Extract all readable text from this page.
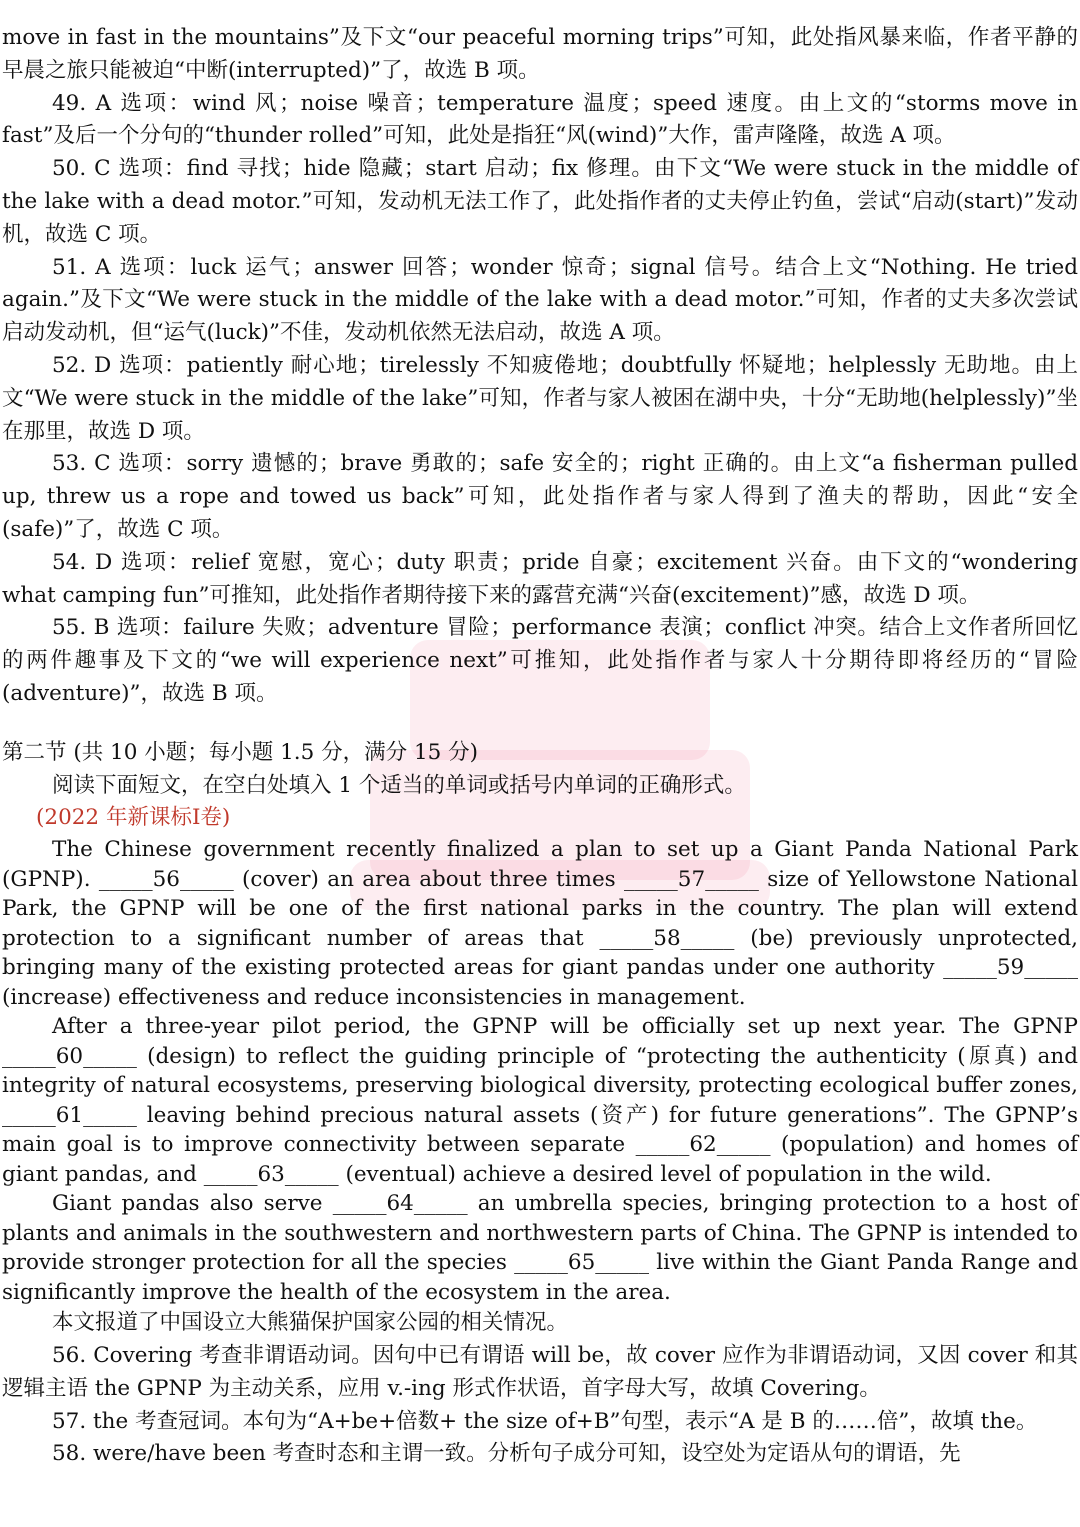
move in fast in the mountains”及下文“our peaceful morning trips”可知，此处指风暴来临，作者平静的早晨之旅只能被迫“中断(interrupted)”了，故选 B 项。

49. A 选项：wind 风；noise 噪音；temperature 温度；speed 速度。由上文的“storms move in fast”及后一个分句的“thunder rolled”可知，此处是指狂“风(wind)”大作，雷声隆隆，故选 A 项。

50. C 选项：find 寻找；hide 隐藏；start 启动；fix 修理。由下文“We were stuck in the middle of the lake with a dead motor.”可知，发动机无法工作了，此处指作者的丈夫停止钓鱼，尝试“启动(start)”发动机，故选 C 项。

51. A 选项：luck 运气；answer 回答；wonder 惊奇；signal 信号。结合上文“Nothing. He tried again.”及下文“We were stuck in the middle of the lake with a dead motor.”可知，作者的丈夫多次尝试启动发动机，但“运气(luck)”不佳，发动机依然无法启动，故选 A 项。

52. D 选项：patiently 耐心地；tirelessly 不知疲倦地；doubtfully 怀疑地；helplessly 无助地。由上文“We were stuck in the middle of the lake”可知，作者与家人被困在湖中央，十分“无助地(helplessly)”坐在那里，故选 D 项。

53. C 选项：sorry 遗憾的；brave 勇敢的；safe 安全的；right 正确的。由上文“a fisherman pulled up, threw us a rope and towed us back”可知，此处指作者与家人得到了渔夫的帮助，因此“安全(safe)”了，故选 C 项。

54. D 选项：relief 宽慰，宽心；duty 职责；pride 自豪；excitement 兴奋。由下文的“wondering what camping fun”可推知，此处指作者期待接下来的露营充满“兴奋(excitement)”感，故选 D 项。

55. B 选项：failure 失败；adventure 冒险；performance 表演；conflict 冲突。结合上文作者所回忆的两件趣事及下文的“we will experience next”可推知，此处指作者与家人十分期待即将经历的“冒险(adventure)”，故选 B 项。

第二节 (共 10 小题；每小题 1.5 分，满分 15 分)

阅读下面短文，在空白处填入 1 个适当的单词或括号内单词的正确形式。

(2022 年新课标I卷)

The Chinese government recently finalized a plan to set up a Giant Panda National Park (GPNP). _____56_____ (cover) an area about three times _____57_____ size of Yellowstone National Park, the GPNP will be one of the first national parks in the country. The plan will extend protection to a significant number of areas that _____58_____ (be) previously unprotected, bringing many of the existing protected areas for giant pandas under one authority _____59_____ (increase) effectiveness and reduce inconsistencies in management.

After a three-year pilot period, the GPNP will be officially set up next year. The GPNP _____60_____ (design) to reflect the guiding principle of “protecting the authenticity (原真) and integrity of natural ecosystems, preserving biological diversity, protecting ecological buffer zones, _____61_____ leaving behind precious natural assets (资产) for future generations”. The GPNP’s main goal is to improve connectivity between separate _____62_____ (population) and homes of giant pandas, and _____63_____ (eventual) achieve a desired level of population in the wild.

Giant pandas also serve _____64_____ an umbrella species, bringing protection to a host of plants and animals in the southwestern and northwestern parts of China. The GPNP is intended to provide stronger protection for all the species _____65_____ live within the Giant Panda Range and significantly improve the health of the ecosystem in the area.

本文报道了中国设立大熊猫保护国家公园的相关情况。

56. Covering 考查非谓语动词。因句中已有谓语 will be，故 cover 应作为非谓语动词，又因 cover 和其逻辑主语 the GPNP 为主动关系，应用 v.-ing 形式作状语，首字母大写，故填 Covering。

57. the 考查冠词。本句为“A+be+倍数+ the size of+B”句型，表示“A 是 B 的……倍”，故填 the。

58. were/have been 考查时态和主谓一致。分析句子成分可知，设空处为定语从句的谓语，先
